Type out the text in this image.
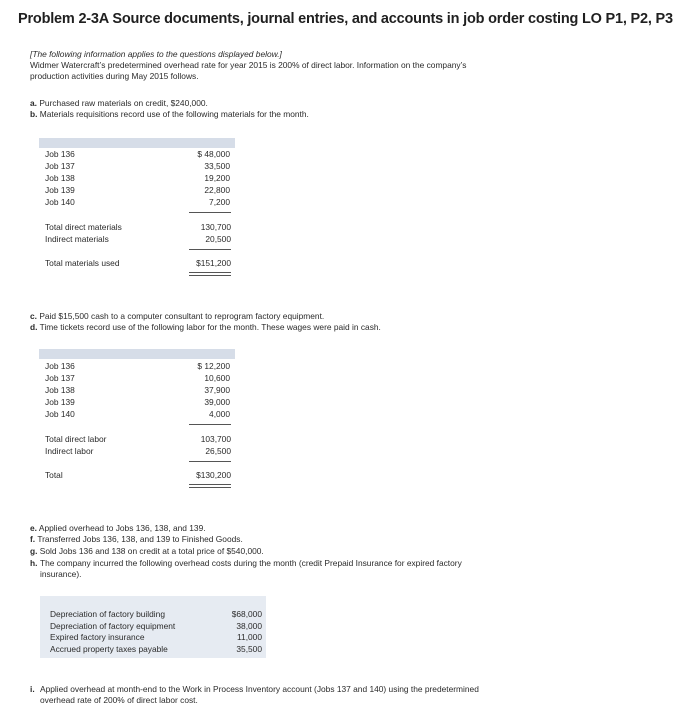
Problem 2-3A Source documents, journal entries, and accounts in job order costing LO P1, P2, P3
[The following information applies to the questions displayed below.]
Widmer Watercraft’s predetermined overhead rate for year 2015 is 200% of direct labor. Information on the company’s production activities during May 2015 follows.
a. Purchased raw materials on credit, $240,000.
b. Materials requisitions record use of the following materials for the month.
Job 136	$ 48,000
Job 137	33,500
Job 138	19,200
Job 139	22,800
Job 140	7,200
Total direct materials	130,700
Indirect materials	20,500
Total materials used	$151,200
c. Paid $15,500 cash to a computer consultant to reprogram factory equipment.
d. Time tickets record use of the following labor for the month. These wages were paid in cash.
Job 136	$ 12,200
Job 137	10,600
Job 138	37,900
Job 139	39,000
Job 140	4,000
Total direct labor	103,700
Indirect labor	26,500
Total	$130,200
e. Applied overhead to Jobs 136, 138, and 139.
f. Transferred Jobs 136, 138, and 139 to Finished Goods.
g. Sold Jobs 136 and 138 on credit at a total price of $540,000.
h. The company incurred the following overhead costs during the month (credit Prepaid Insurance for expired factory insurance).
Depreciation of factory building	$68,000
Depreciation of factory equipment	38,000
Expired factory insurance	11,000
Accrued property taxes payable	35,500
i. Applied overhead at month-end to the Work in Process Inventory account (Jobs 137 and 140) using the predetermined overhead rate of 200% of direct labor cost.
